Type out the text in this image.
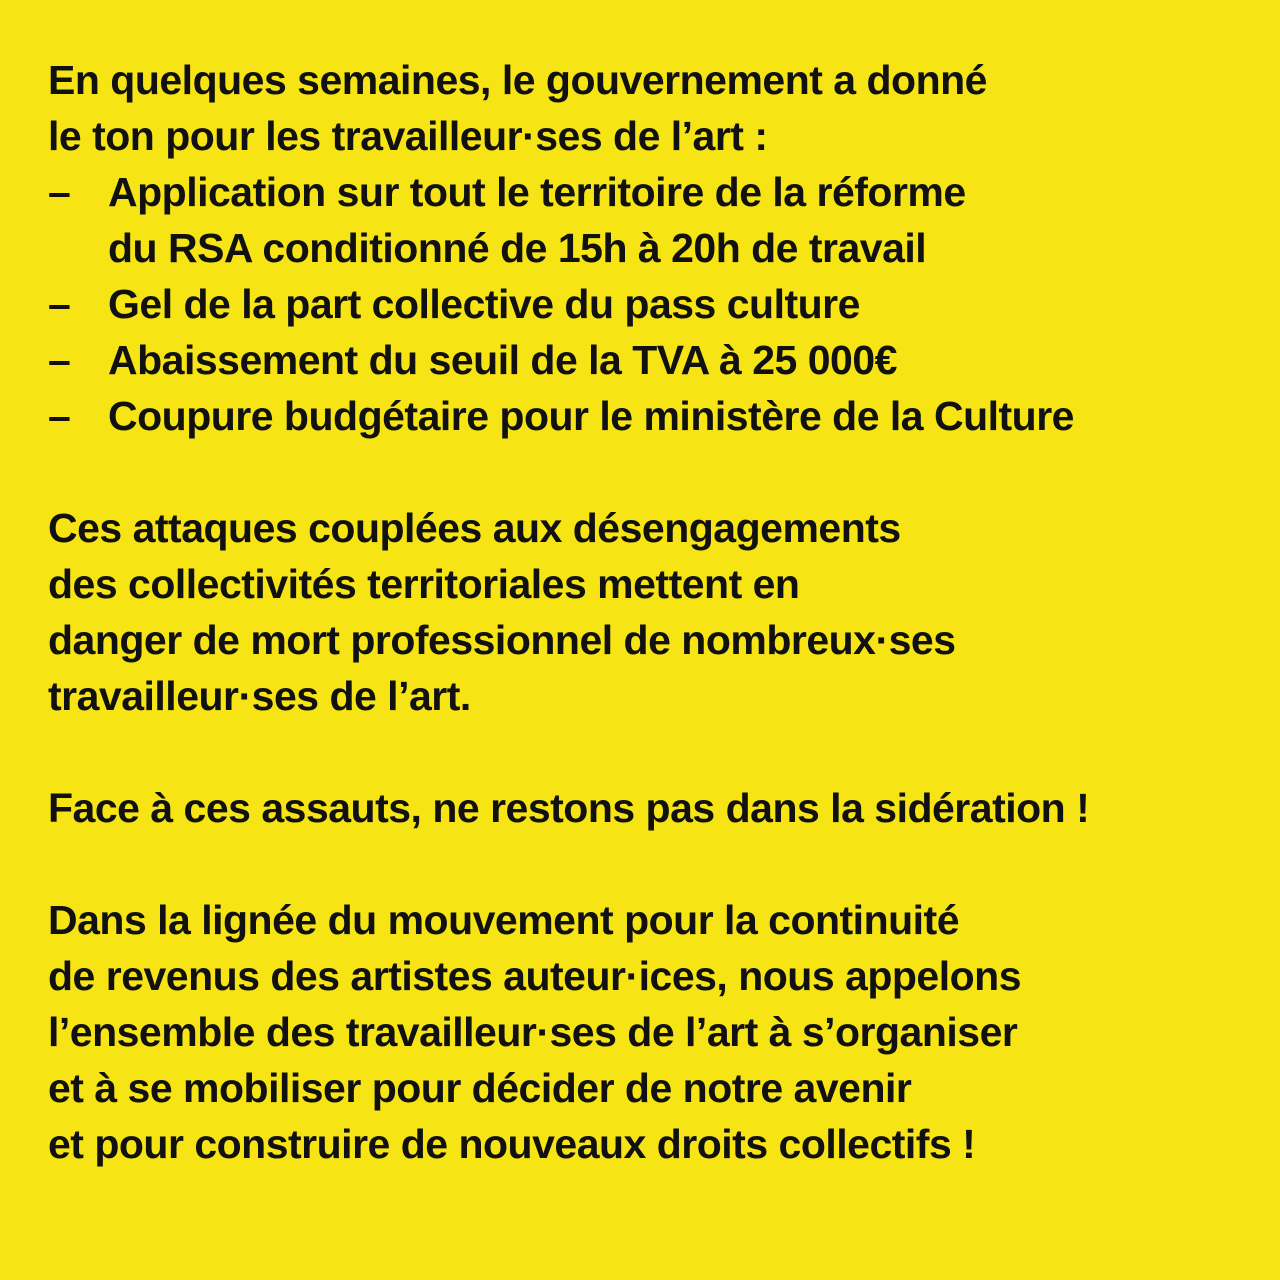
En quelques semaines, le gouvernement a donné
le ton pour les travailleur·ses de l’art :
– Application sur tout le territoire de la réforme
du RSA conditionné de 15h à 20h de travail
– Gel de la part collective du pass culture
– Abaissement du seuil de la TVA à 25 000€
– Coupure budgétaire pour le ministère de la Culture
Ces attaques couplées aux désengagements
des collectivités territoriales mettent en
danger de mort professionnel de nombreux·ses
travailleur·ses de l’art.
Face à ces assauts, ne restons pas dans la sidération !
Dans la lignée du mouvement pour la continuité
de revenus des artistes auteur·ices, nous appelons
l’ensemble des travailleur·ses de l’art à s’organiser
et à se mobiliser pour décider de notre avenir
et pour construire de nouveaux droits collectifs !
